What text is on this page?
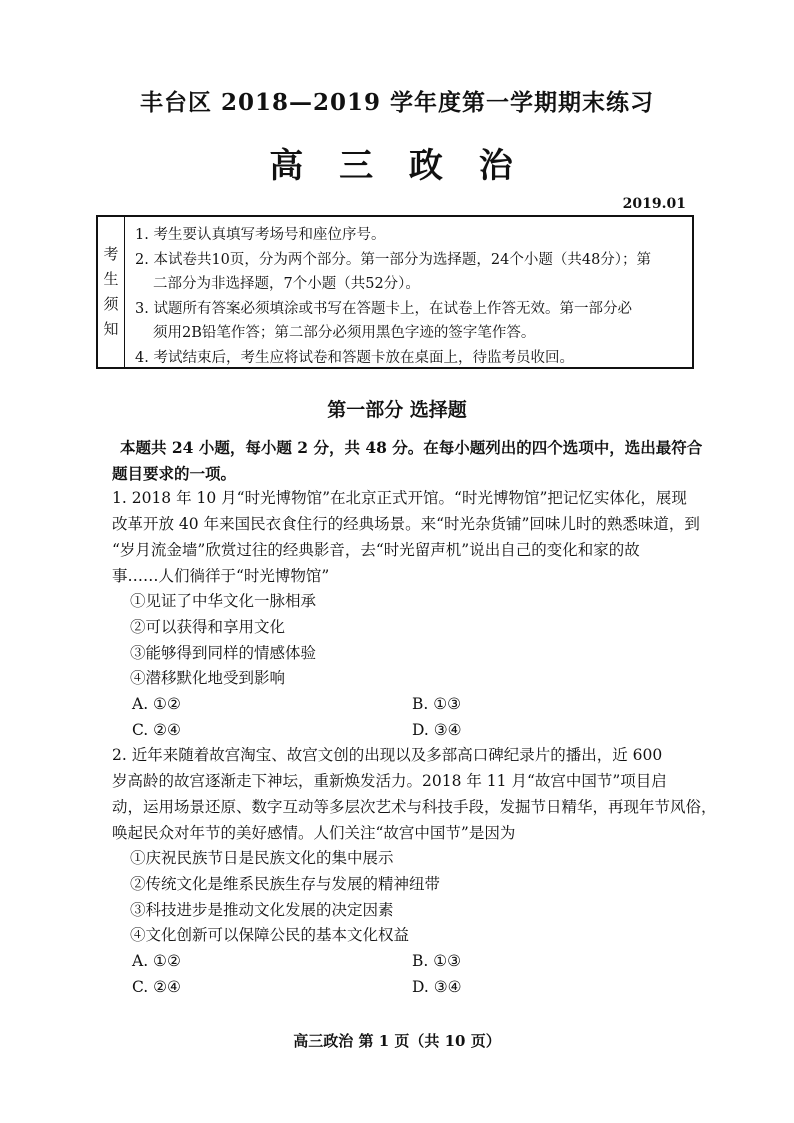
丰台区 2018—2019 学年度第一学期期末练习
高 三 政 治
2019.01
考
生
须
知
1. 考生要认真填写考场号和座位序号。
2. 本试卷共10页，分为两个部分。第一部分为选择题，24个小题（共48分）；第
二部分为非选择题，7个小题（共52分）。
3. 试题所有答案必须填涂或书写在答题卡上，在试卷上作答无效。第一部分必
须用2B铅笔作答；第二部分必须用黑色字迹的签字笔作答。
4. 考试结束后，考生应将试卷和答题卡放在桌面上，待监考员收回。
第一部分 选择题
本题共 24 小题，每小题 2 分，共 48 分。在每小题列出的四个选项中，选出最符合
题目要求的一项。
1. 2018 年 10 月“时光博物馆”在北京正式开馆。“时光博物馆”把记忆实体化，展现
改革开放 40 年来国民衣食住行的经典场景。来“时光杂货铺”回味儿时的熟悉味道，到
“岁月流金墙”欣赏过往的经典影音，去“时光留声机”说出自己的变化和家的故
事……人们徜徉于“时光博物馆”
①见证了中华文化一脉相承
②可以获得和享用文化
③能够得到同样的情感体验
④潜移默化地受到影响
A. ①②	B. ①③
C. ②④	D. ③④
2. 近年来随着故宫淘宝、故宫文创的出现以及多部高口碑纪录片的播出，近 600
岁高龄的故宫逐渐走下神坛，重新焕发活力。2018 年 11 月“故宫中国节”项目启
动，运用场景还原、数字互动等多层次艺术与科技手段，发掘节日精华，再现年节风俗，
唤起民众对年节的美好感情。人们关注“故宫中国节”是因为
①庆祝民族节日是民族文化的集中展示
②传统文化是维系民族生存与发展的精神纽带
③科技进步是推动文化发展的决定因素
④文化创新可以保障公民的基本文化权益
A. ①②	B. ①③
C. ②④	D. ③④
高三政治 第 1 页（共 10 页）
